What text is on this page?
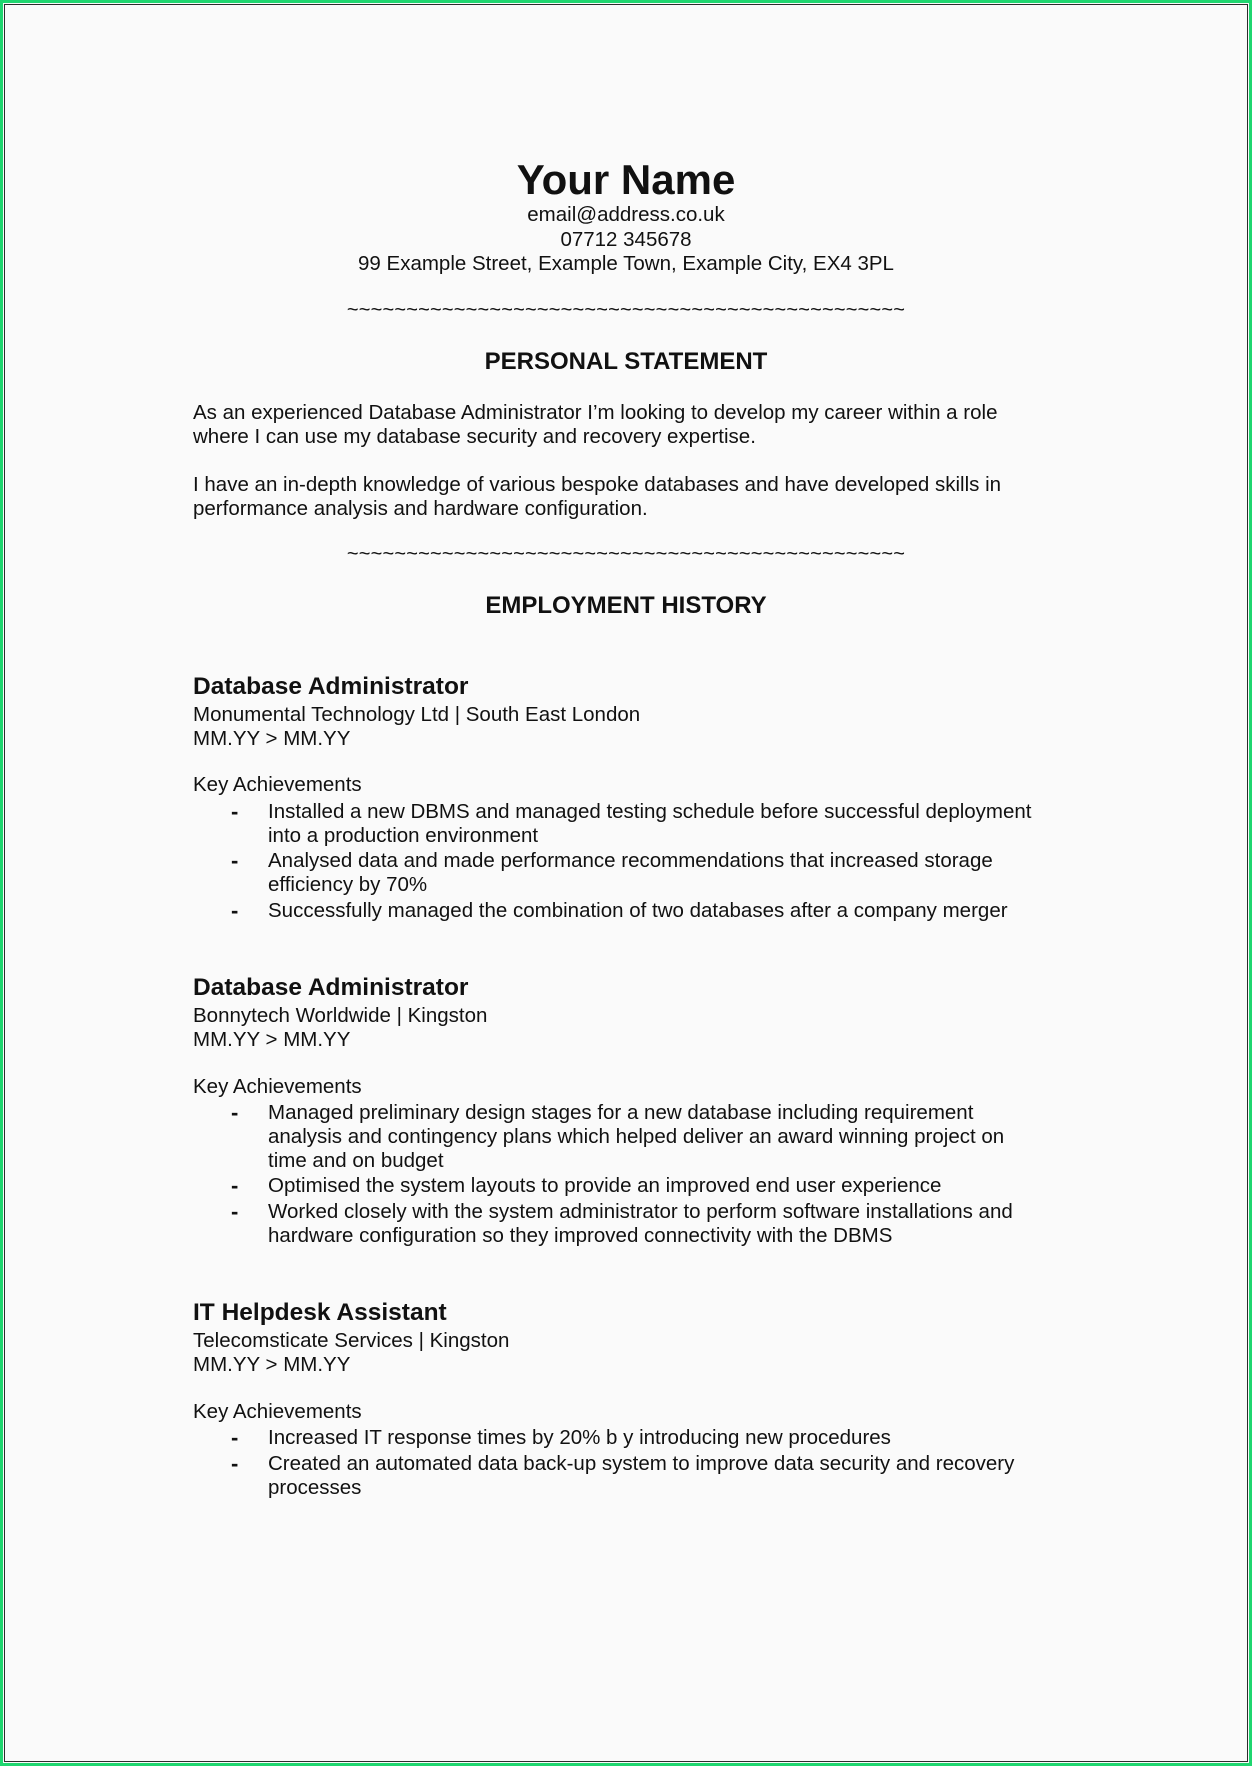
Your Name

email@address.co.uk

07712 345678

99 Example Street, Example Town, Example City, EX4 3PL

~~~~~~~~~~~~~~~~~~~~~~~~~~~~~~~~~~~~~~~~~~~~~~~

PERSONAL STATEMENT

As an experienced Database Administrator I’m looking to develop my career within a role

where I can use my database security and recovery expertise.

I have an in-depth knowledge of various bespoke databases and have developed skills in

performance analysis and hardware configuration.

~~~~~~~~~~~~~~~~~~~~~~~~~~~~~~~~~~~~~~~~~~~~~~~

EMPLOYMENT HISTORY

Database Administrator

Monumental Technology Ltd | South East London

MM.YY > MM.YY

Key Achievements

- Installed a new DBMS and managed testing schedule before successful deployment

into a production environment

- Analysed data and made performance recommendations that increased storage

efficiency by 70%

- Successfully managed the combination of two databases after a company merger

Database Administrator

Bonnytech Worldwide | Kingston

MM.YY > MM.YY

Key Achievements

- Managed preliminary design stages for a new database including requirement

analysis and contingency plans which helped deliver an award winning project on

time and on budget

- Optimised the system layouts to provide an improved end user experience

- Worked closely with the system administrator to perform software installations and

hardware configuration so they improved connectivity with the DBMS

IT Helpdesk Assistant

Telecomsticate Services | Kingston

MM.YY > MM.YY

Key Achievements

- Increased IT response times by 20% b y introducing new procedures

- Created an automated data back-up system to improve data security and recovery

processes
